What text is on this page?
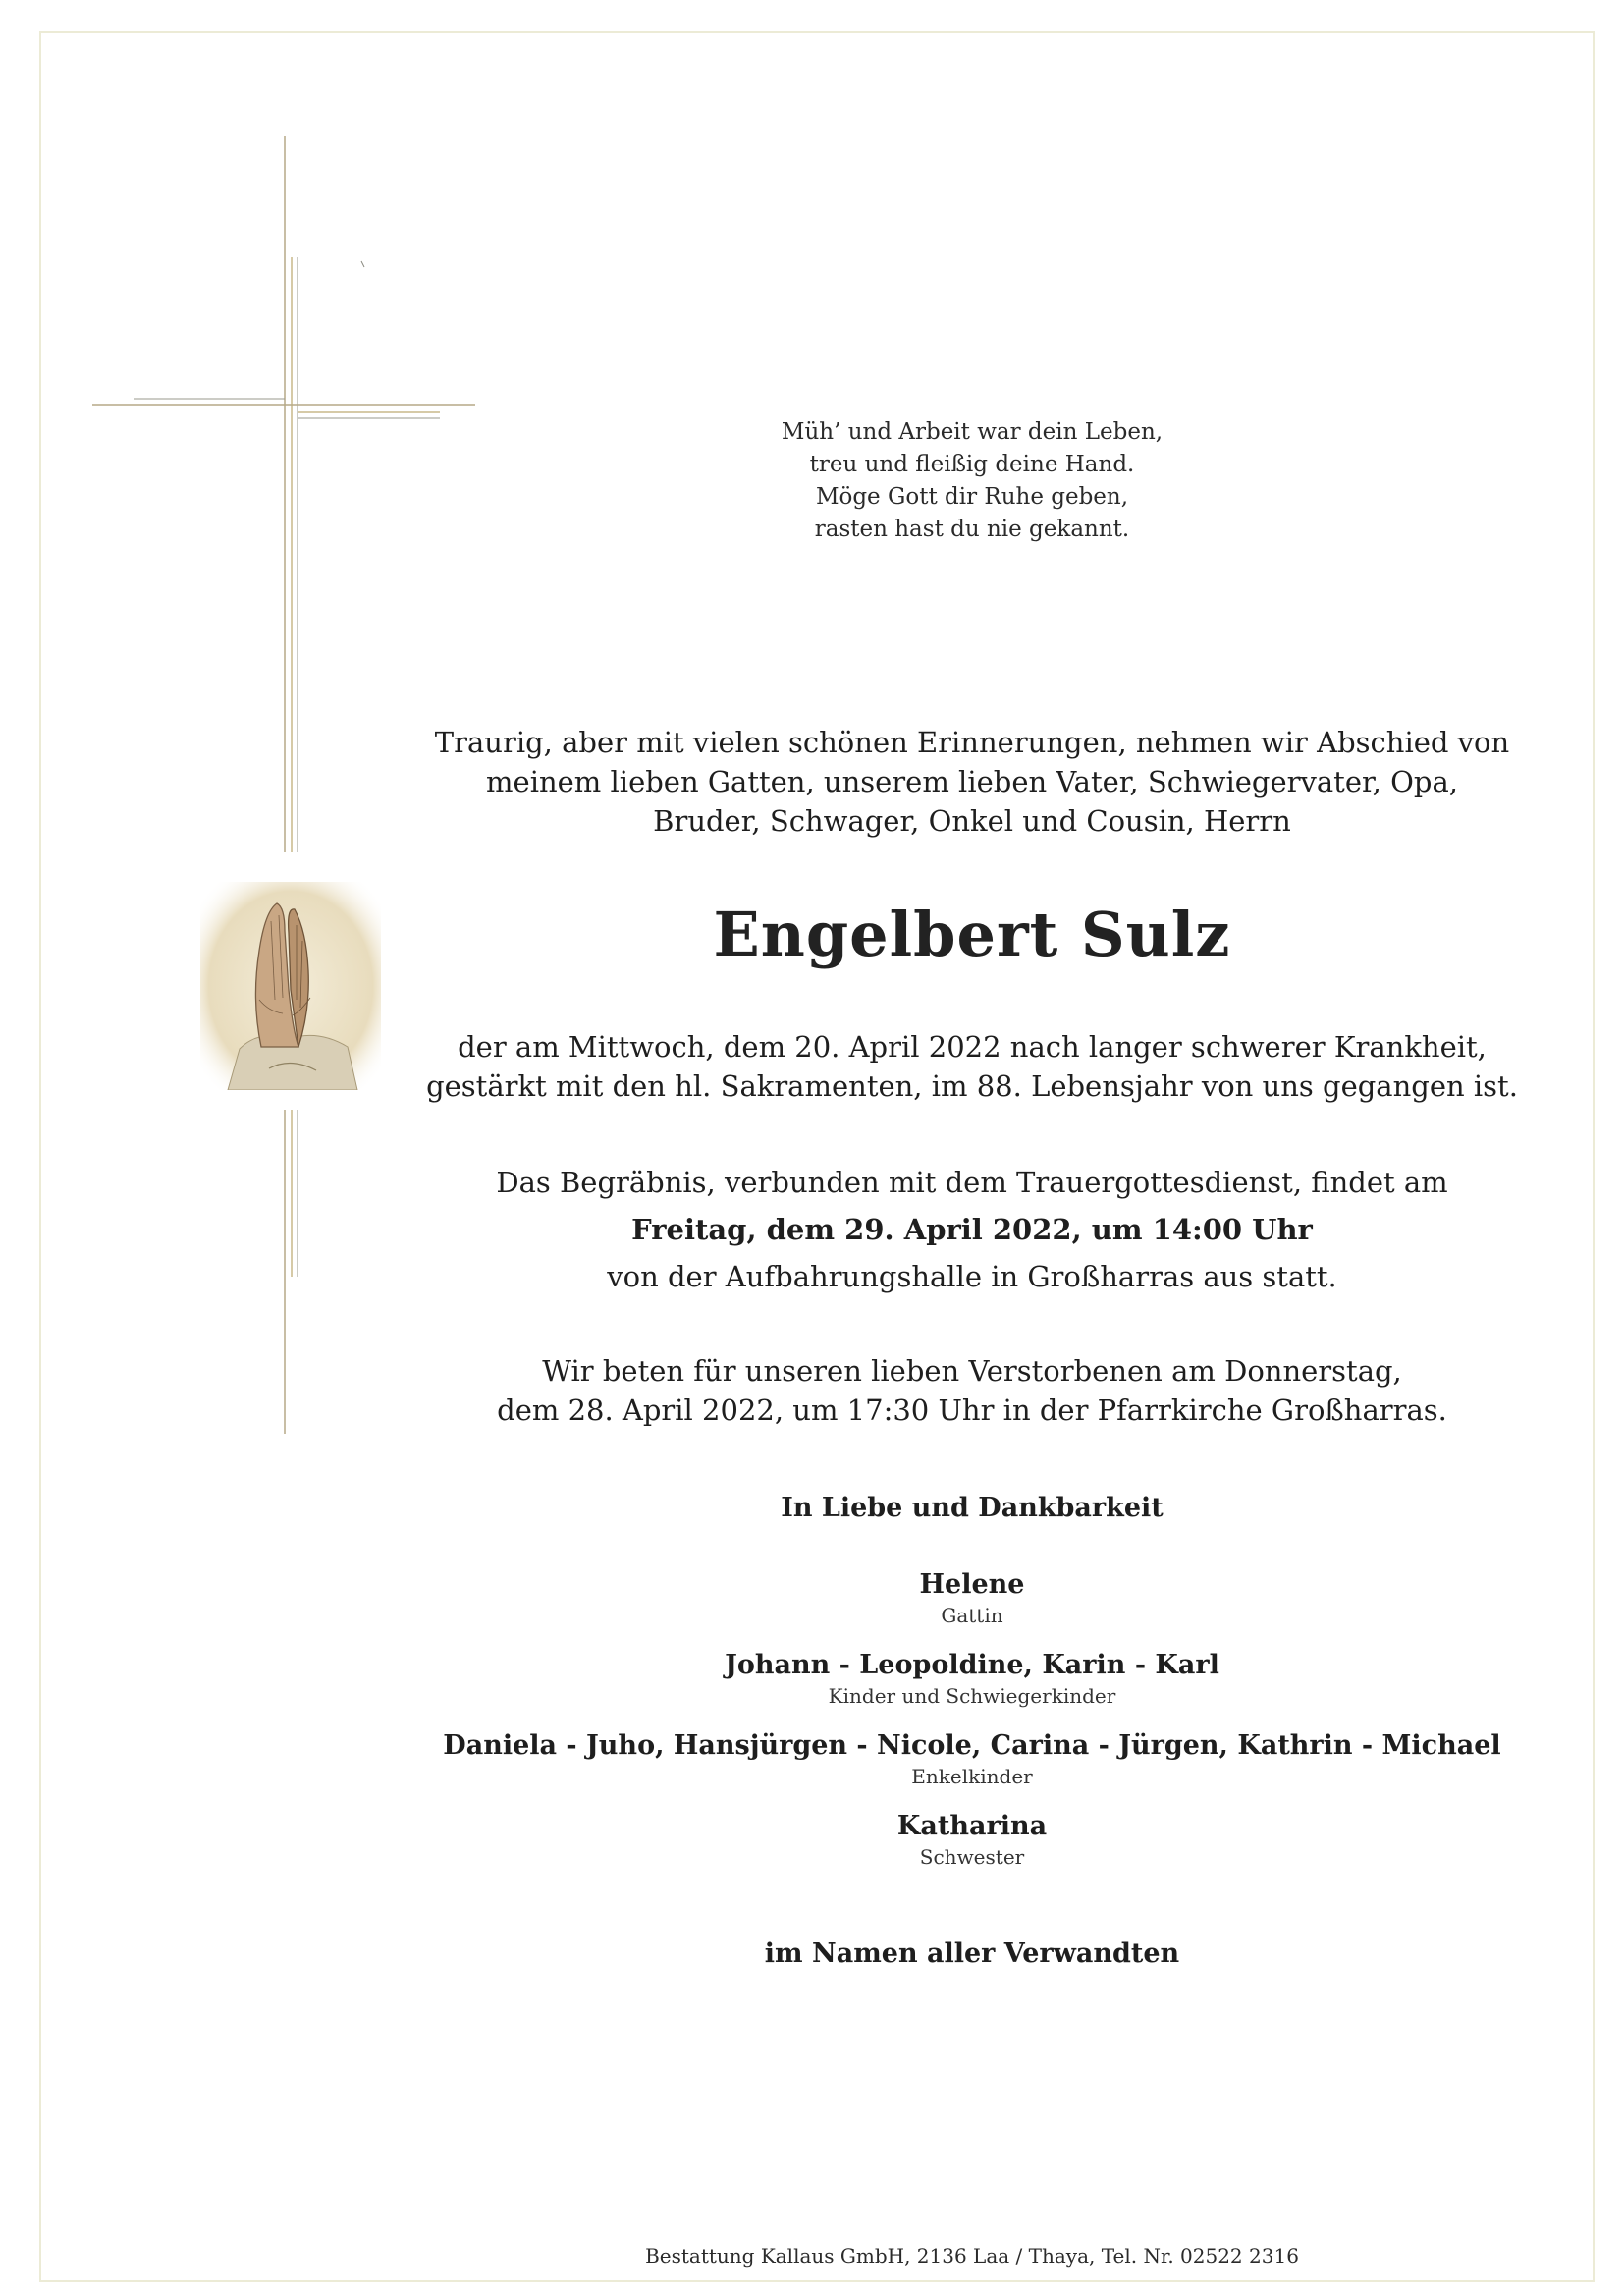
Müh’ und Arbeit war dein Leben,
treu und fleißig deine Hand.
Möge Gott dir Ruhe geben,
rasten hast du nie gekannt.
Traurig, aber mit vielen schönen Erinnerungen, nehmen wir Abschied von
meinem lieben Gatten, unserem lieben Vater, Schwiegervater, Opa,
Bruder, Schwager, Onkel und Cousin, Herrn
Engelbert Sulz
der am Mittwoch, dem 20. April 2022 nach langer schwerer Krankheit,
gestärkt mit den hl. Sakramenten, im 88. Lebensjahr von uns gegangen ist.
Das Begräbnis, verbunden mit dem Trauergottesdienst, findet am
Freitag, dem 29. April 2022, um 14:00 Uhr
von der Aufbahrungshalle in Großharras aus statt.
Wir beten für unseren lieben Verstorbenen am Donnerstag,
dem 28. April 2022, um 17:30 Uhr in der Pfarrkirche Großharras.
In Liebe und Dankbarkeit
Helene
Gattin
Johann - Leopoldine, Karin - Karl
Kinder und Schwiegerkinder
Daniela - Juho, Hansjürgen - Nicole, Carina - Jürgen, Kathrin - Michael
Enkelkinder
Katharina
Schwester
im Namen aller Verwandten
Bestattung Kallaus GmbH, 2136 Laa / Thaya, Tel. Nr. 02522 2316
